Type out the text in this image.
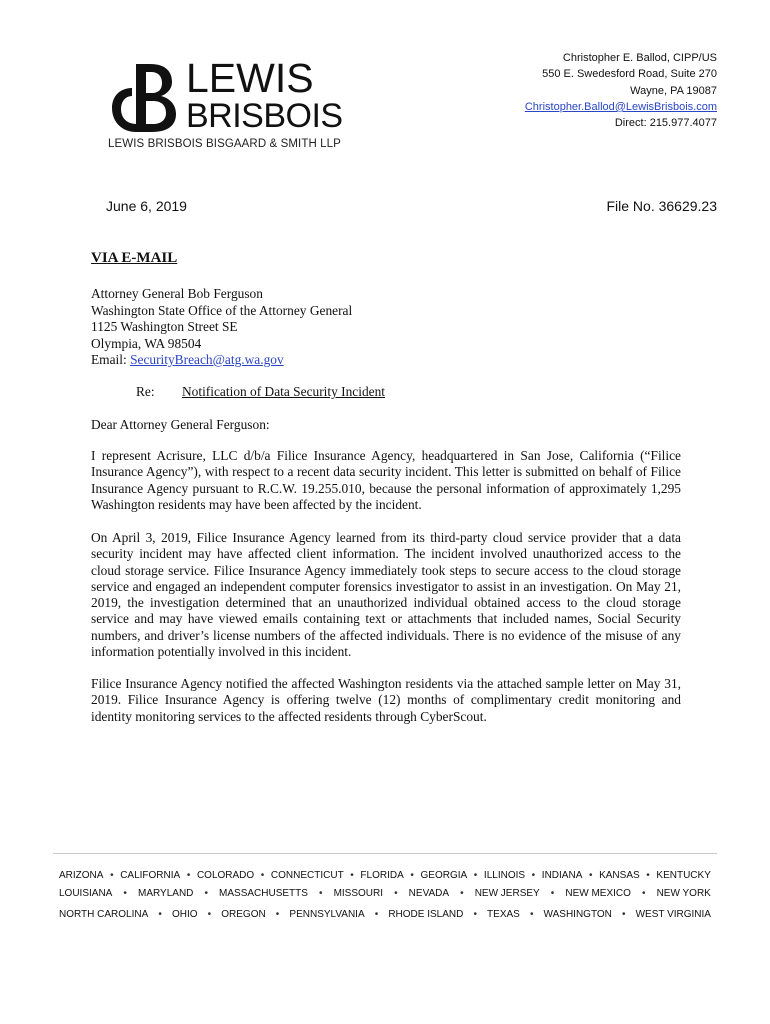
LEWIS
BRISBOIS
LEWIS BRISBOIS BISGAARD & SMITH LLP
Christopher E. Ballod, CIPP/US
550 E. Swedesford Road, Suite 270
Wayne, PA 19087
Christopher.Ballod@LewisBrisbois.com
Direct: 215.977.4077
June 6, 2019	File No. 36629.23
VIA E-MAIL
Attorney General Bob Ferguson
Washington State Office of the Attorney General
1125 Washington Street SE
Olympia, WA 98504
Email: SecurityBreach@atg.wa.gov
Re: Notification of Data Security Incident
Dear Attorney General Ferguson:

I represent Acrisure, LLC d/b/a Filice Insurance Agency, headquartered in San Jose, California (“Filice Insurance Agency”), with respect to a recent data security incident. This letter is submitted on behalf of Filice Insurance Agency pursuant to R.C.W. 19.255.010, because the personal information of approximately 1,295 Washington residents may have been affected by the incident.

On April 3, 2019, Filice Insurance Agency learned from its third-party cloud service provider that a data security incident may have affected client information. The incident involved unauthorized access to the cloud storage service. Filice Insurance Agency immediately took steps to secure access to the cloud storage service and engaged an independent computer forensics investigator to assist in an investigation. On May 21, 2019, the investigation determined that an unauthorized individual obtained access to the cloud storage service and may have viewed emails containing text or attachments that included names, Social Security numbers, and driver’s license numbers of the affected individuals. There is no evidence of the misuse of any information potentially involved in this incident.

Filice Insurance Agency notified the affected Washington residents via the attached sample letter on May 31, 2019. Filice Insurance Agency is offering twelve (12) months of complimentary credit monitoring and identity monitoring services to the affected residents through CyberScout.

ARIZONA • CALIFORNIA • COLORADO • CONNECTICUT • FLORIDA • GEORGIA • ILLINOIS • INDIANA • KANSAS • KENTUCKY
LOUISIANA • MARYLAND • MASSACHUSETTS • MISSOURI • NEVADA • NEW JERSEY • NEW MEXICO • NEW YORK
NORTH CAROLINA • OHIO • OREGON • PENNSYLVANIA • RHODE ISLAND • TEXAS • WASHINGTON • WEST VIRGINIA
